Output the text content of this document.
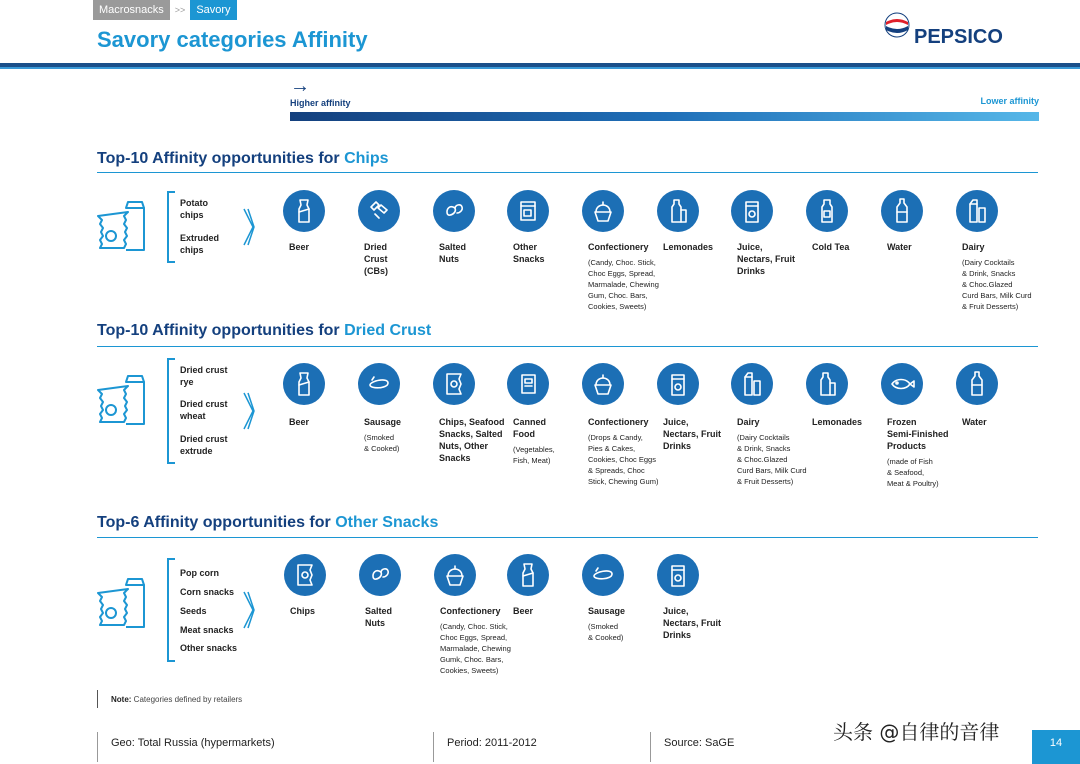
Macrosnacks	>>	Savory
Savory categories Affinity	PEPSICO
→
Higher affinity	Lower affinity
Top-10 Affinity opportunities for Chips
Top-10 Affinity opportunities for Dried Crust
Top-6 Affinity opportunities for Other Snacks
Potato
chips
Extruded
chips	Beer	Dried
Crust
(CBs)
Salted
Nuts
Other
Snacks
Confectionery
(Candy, Choc. Stick,
Choc Eggs, Spread,
Marmalade, Chewing
Gum, Choc. Bars,
Cookies, Sweets)
Lemonades	Juice,
Nectars, Fruit
Drinks
Cold Tea	Water	Dairy
(Dairy Cocktails
& Drink, Snacks
& Choc.Glazed
Curd Bars, Milk Curd
& Fruit Desserts)
Dried crust
rye
Dried crust
wheat
Dried crust
extrude
Beer	Sausage
(Smoked
& Cooked)
Chips, Seafood
Snacks, Salted
Nuts, Other
Snacks
Canned
Food
(Vegetables,
Fish, Meat)
Confectionery
(Drops & Candy,
Pies & Cakes,
Cookies, Choc Eggs
& Spreads, Choc
Stick, Chewing Gum)
Juice,
Nectars, Fruit
Drinks
Dairy
(Dairy Cocktails
& Drink, Snacks
& Choc.Glazed
Curd Bars, Milk Curd
& Fruit Desserts)
Lemonades	Frozen
Semi-Finished
Products
(made of Fish
& Seafood,
Meat & Poultry)
Water
Pop corn
Corn snacks
Seeds
Meat snacks
Other snacks
Chips	Salted
Nuts
Confectionery
(Candy, Choc. Stick,
Choc Eggs, Spread,
Marmalade, Chewing
Gumk, Choc. Bars,
Cookies, Sweets)
Beer	Sausage
(Smoked
& Cooked)
Juice,
Nectars, Fruit
Drinks
Note: Categories defined by retailers
Geo: Total Russia (hypermarkets)	Period: 2011-2012	Source: SaGE	头条 @自律的音律	14
